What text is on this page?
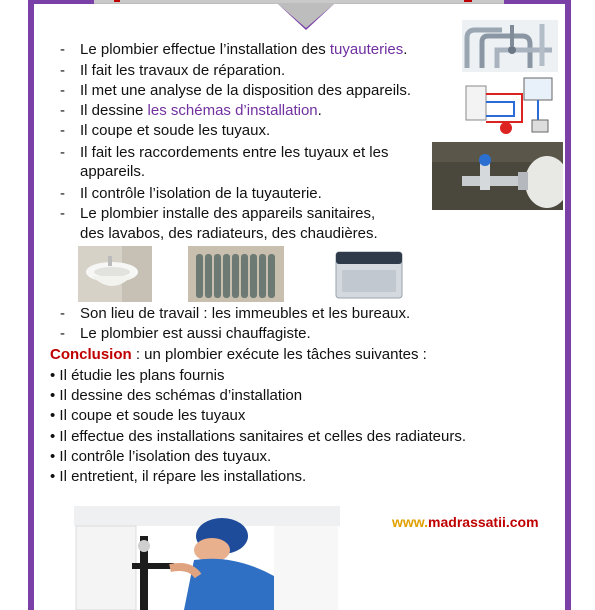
- Le plombier effectue l’installation des tuyauteries.
- Il fait les travaux de réparation.
- Il met une analyse de la disposition des appareils.
- Il dessine les schémas d’installation.
- Il coupe et soude les tuyaux.
- Il fait les raccordements entre les tuyaux et les
appareils.
- Il contrôle l’isolation de la tuyauterie.
- Le plombier installe des appareils sanitaires,
des lavabos, des radiateurs, des chaudières.
- Son lieu de travail : les immeubles et les bureaux.
- Le plombier est aussi chauffagiste.
Conclusion : un plombier exécute les tâches suivantes :
• Il étudie les plans fournis
• Il dessine des schémas d’installation
• Il coupe et soude les tuyaux
• Il effectue des installations sanitaires et celles des radiateurs.
• Il contrôle l’isolation des tuyaux.
• Il entretient, il répare les installations.
www.madrassatii.com
